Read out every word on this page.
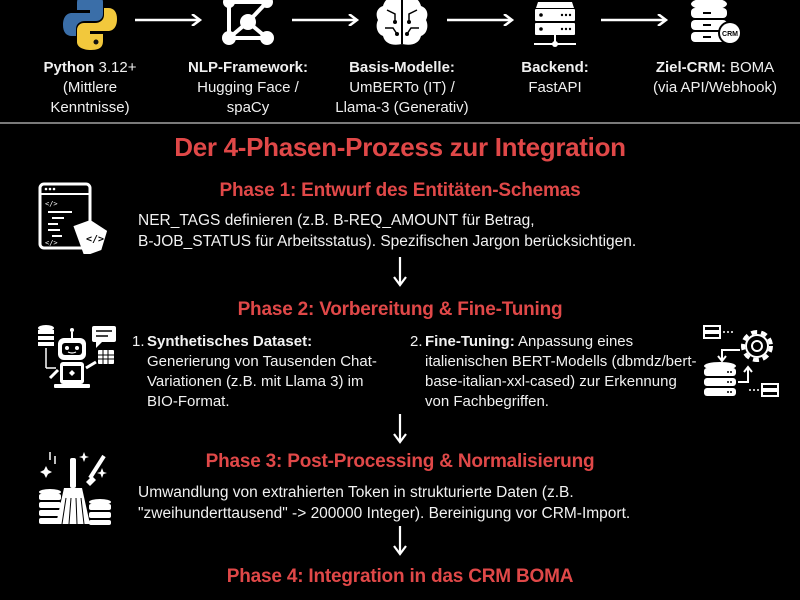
Python 3.12+
(Mittlere
Kenntnisse)
NLP-Framework:
Hugging Face /
spaCy
Basis-Modelle:
UmBERTo (IT) /
Llama-3 (Generativ)
Backend:
FastAPI
CRM
Ziel-CRM: BOMA
(via API/Webhook)
Der 4-Phasen-Prozess zur Integration
</>
</>	</>
Phase 1: Entwurf des Entitäten-Schemas
NER_TAGS definieren (z.B. B-REQ_AMOUNT für Betrag,
B-JOB_STATUS für Arbeitsstatus). Spezifischen Jargon berücksichtigen.
Phase 2: Vorbereitung & Fine-Tuning
1. Synthetisches Dataset: Generierung von Tausenden Chat-Variationen (z.B. mit Llama 3) im BIO-Format.
2. Fine-Tuning: Anpassung eines italienischen BERT-Modells (dbmdz/bert-base-italian-xxl-cased) zur Erkennung von Fachbegriffen.
Phase 3: Post-Processing & Normalisierung
Umwandlung von extrahierten Token in strukturierte Daten (z.B.
"zweihunderttausend" -> 200000 Integer). Bereinigung vor CRM-Import.
Phase 4: Integration in das CRM BOMA
